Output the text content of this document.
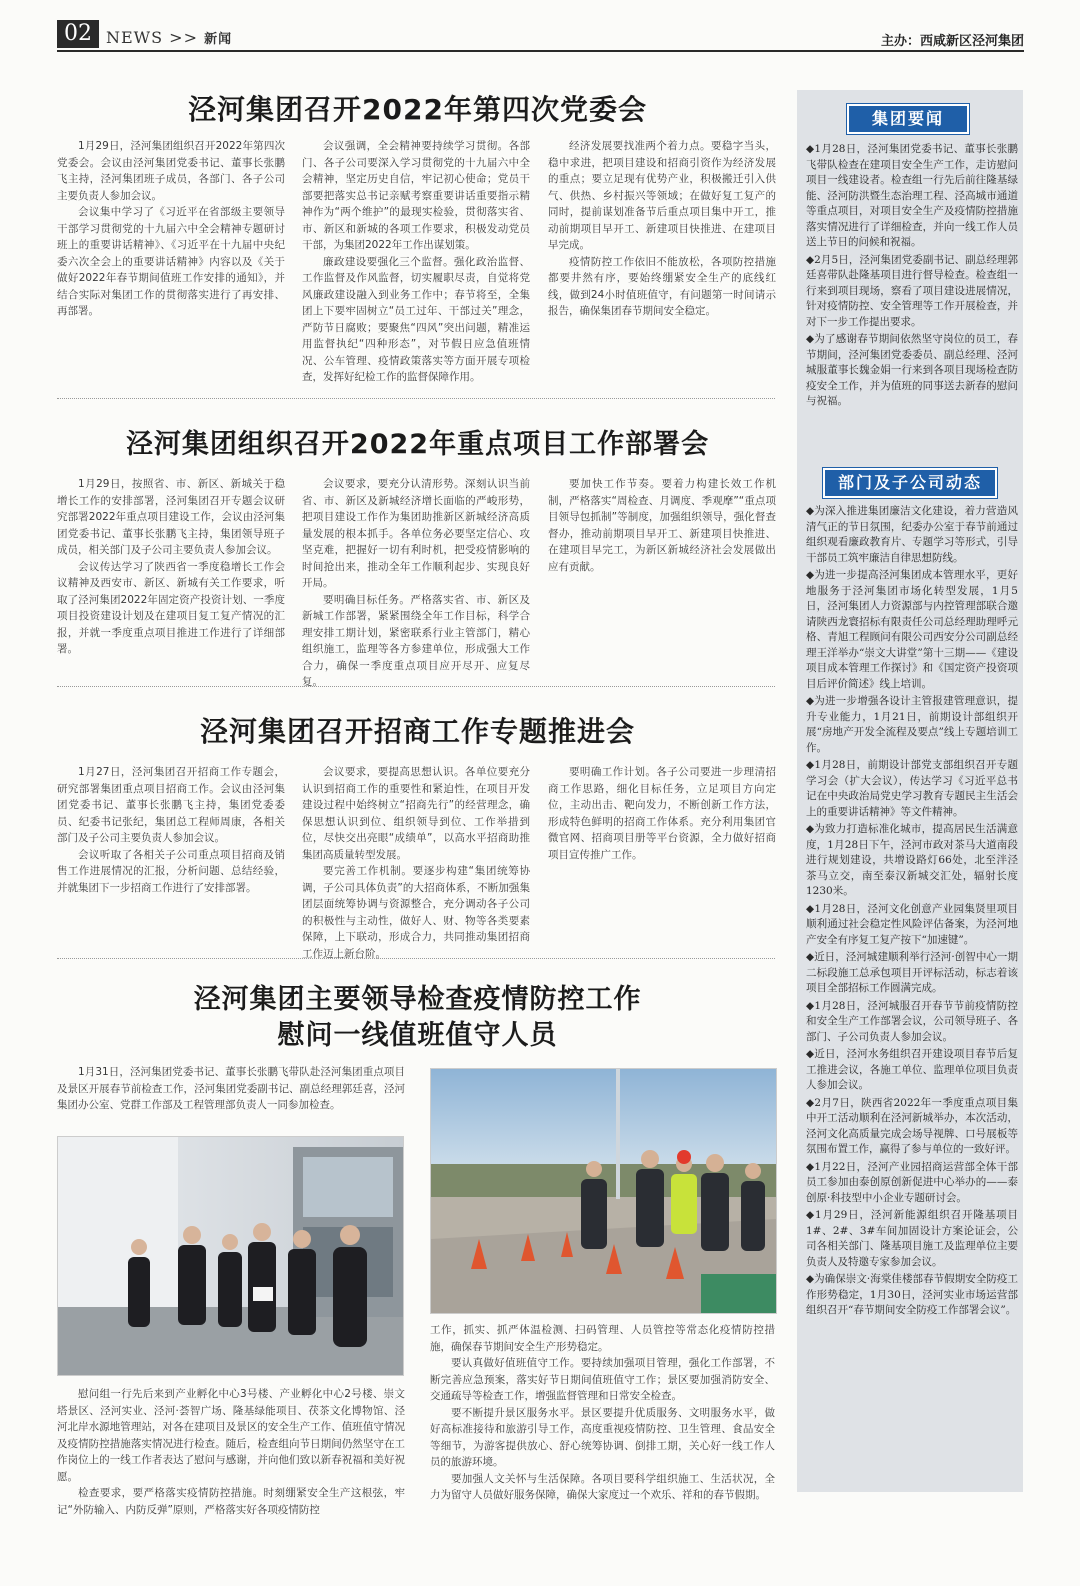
02 NEWS >> 新闻	主办：西咸新区泾河集团
泾河集团召开2022年第四次党委会

1月29日，泾河集团组织召开2022年第四次党委会。会议由泾河集团党委书记、董事长张鹏飞主持，泾河集团班子成员，各部门、各子公司主要负责人参加会议。

会议集中学习了《习近平在省部级主要领导干部学习贯彻党的十九届六中全会精神专题研讨班上的重要讲话精神》、《习近平在十九届中央纪委六次全会上的重要讲话精神》内容以及《关于做好2022年春节期间值班工作安排的通知》，并结合实际对集团工作的贯彻落实进行了再安排、再部署。

会议强调，全会精神要持续学习贯彻。各部门、各子公司要深入学习贯彻党的十九届六中全会精神，坚定历史自信，牢记初心使命；党员干部要把落实总书记亲赋考察重要讲话重要指示精神作为“两个维护”的最现实检验，贯彻落实省、市、新区和新城的各项工作要求，积极发动党员干部，为集团2022年工作出谋划策。

廉政建设要强化三个监督。强化政治监督、工作监督及作风监督，切实履职尽责，自觉将党风廉政建设融入到业务工作中；春节将至，全集团上下要牢固树立“员工过年、干部过关”理念，严防节日腐败；要聚焦“四风”突出问题，精准运用监督执纪“四种形态”，对节假日应急值班情况、公车管理、疫情政策落实等方面开展专项检查，发挥好纪检工作的监督保障作用。

经济发展要找准两个着力点。要稳字当头，稳中求进，把项目建设和招商引资作为经济发展的重点；要立足现有优势产业，积极搬迁引入供气、供热、乡村振兴等领域；在做好复工复产的同时，提前谋划准备节后重点项目集中开工，推动前期项目早开工、新建项目快推进、在建项目早完成。

疫情防控工作依旧不能放松，各项防控措施都要井然有序，要始终绷紧安全生产的底线红线，做到24小时值班值守，有问题第一时间请示报告，确保集团春节期间安全稳定。

泾河集团组织召开2022年重点项目工作部署会

1月29日，按照省、市、新区、新城关于稳增长工作的安排部署，泾河集团召开专题会议研究部署2022年重点项目建设工作，会议由泾河集团党委书记、董事长张鹏飞主持，集团领导班子成员，相关部门及子公司主要负责人参加会议。

会议传达学习了陕西省一季度稳增长工作会议精神及西安市、新区、新城有关工作要求，听取了泾河集团2022年固定资产投资计划、一季度项目投资建设计划及在建项目复工复产情况的汇报，并就一季度重点项目推进工作进行了详细部署。

会议要求，要充分认清形势。深刻认识当前省、市、新区及新城经济增长面临的严峻形势，把项目建设工作作为集团助推新区新城经济高质量发展的根本抓手。各单位务必要坚定信心、攻坚克难，把握好一切有利时机，把受疫情影响的时间抢出来，推动全年工作顺利起步、实现良好开局。

要明确目标任务。严格落实省、市、新区及新城工作部署，紧紧围绕全年工作目标，科学合理安排工期计划，紧密联系行业主管部门，精心组织施工，监理等各方参建单位，形成强大工作合力，确保一季度重点项目应开尽开、应复尽复。

要加快工作节奏。要着力构建长效工作机制，严格落实“周检查、月调度、季观摩”“重点项目领导包抓制”等制度，加强组织领导，强化督查督办，推动前期项目早开工、新建项目快推进、在建项目早完工，为新区新城经济社会发展做出应有贡献。

泾河集团召开招商工作专题推进会

1月27日，泾河集团召开招商工作专题会，研究部署集团重点项目招商工作。会议由泾河集团党委书记、董事长张鹏飞主持，集团党委委员、纪委书记张纪，集团总工程师周康，各相关部门及子公司主要负责人参加会议。

会议听取了各相关子公司重点项目招商及销售工作进展情况的汇报，分析问题、总结经验，并就集团下一步招商工作进行了安排部署。

会议要求，要提高思想认识。各单位要充分认识到招商工作的重要性和紧迫性，在项目开发建设过程中始终树立“招商先行”的经营理念，确保思想认识到位、组织领导到位、工作举措到位，尽快交出亮眼“成绩单”，以高水平招商助推集团高质量转型发展。

要完善工作机制。要逐步构建“集团统筹协调，子公司具体负责”的大招商体系，不断加强集团层面统筹协调与资源整合，充分调动各子公司的积极性与主动性，做好人、财、物等各类要素保障，上下联动，形成合力，共同推动集团招商工作迈上新台阶。

要明确工作计划。各子公司要进一步理清招商工作思路，细化目标任务，立足项目方向定位，主动出击、靶向发力，不断创新工作方法，形成特色鲜明的招商工作体系。充分利用集团官微官网、招商项目册等平台资源，全力做好招商项目宣传推广工作。

泾河集团主要领导检查疫情防控工作
慰问一线值班值守人员

1月31日，泾河集团党委书记、董事长张鹏飞带队赴泾河集团重点项目及景区开展春节前检查工作，泾河集团党委副书记、副总经理郭廷喜，泾河集团办公室、党群工作部及工程管理部负责人一同参加检查。

慰问组一行先后来到产业孵化中心3号楼、产业孵化中心2号楼、崇文塔景区、泾河实业、泾河·荟智广场、隆基绿能项目、茯茶文化博物馆、泾河北岸水源地管理站，对各在建项目及景区的安全生产工作、值班值守情况及疫情防控措施落实情况进行检查。随后，检查组向节日期间仍然坚守在工作岗位上的一线工作者表达了慰问与感谢，并向他们致以新春祝福和美好祝愿。

检查要求，要严格落实疫情防控措施。时刻绷紧安全生产这根弦，牢记“外防输入、内防反弹”原则，严格落实好各项疫情防控

工作，抓实、抓严体温检测、扫码管理、人员管控等常态化疫情防控措施，确保春节期间安全生产形势稳定。

要认真做好值班值守工作。要持续加强项目管理，强化工作部署，不断完善应急预案，落实好节日期间值班值守工作；景区要加强消防安全、交通疏导等检查工作，增强监督管理和日常安全检查。

要不断提升景区服务水平。景区要提升优质服务、文明服务水平，做好高标准接待和旅游引导工作，高度重视疫情防控、卫生管理、食品安全等细节，为游客提供放心、舒心统筹协调、倒排工期，关心好一线工作人员的旅游环境。

要加强人文关怀与生活保障。各项目要科学组织施工、生活状况，全力为留守人员做好服务保障，确保大家度过一个欢乐、祥和的春节假期。

集团要闻

◆1月28日，泾河集团党委书记、董事长张鹏飞带队检查在建项目安全生产工作，走访慰问项目一线建设者。检查组一行先后前往隆基绿能、泾河防洪暨生态治理工程、泾高城市通道等重点项目，对项目安全生产及疫情防控措施落实情况进行了详细检查，并向一线工作人员送上节日的问候和祝福。

◆2月5日，泾河集团党委副书记、副总经理郭廷喜带队赴隆基项目进行督导检查。检查组一行来到项目现场，察看了项目建设进展情况，针对疫情防控、安全管理等工作开展检查，并对下一步工作提出要求。

◆为了感谢春节期间依然坚守岗位的员工，春节期间，泾河集团党委委员、副总经理、泾河城服董事长魏金娟一行来到各项目现场检查防疫安全工作，并为值班的同事送去新春的慰问与祝福。

部门及子公司动态

◆为深入推进集团廉洁文化建设，着力营造风清气正的节日氛围，纪委办公室于春节前通过组织观看廉政教育片、专题学习等形式，引导干部员工筑牢廉洁自律思想防线。

◆为进一步提高泾河集团成本管理水平，更好地服务于泾河集团市场化转型发展，1月5日，泾河集团人力资源部与内控管理部联合邀请陕西龙寰招标有限责任公司总经理助理呼元格、青旭工程顾问有限公司西安分公司副总经理王洋举办“崇文大讲堂”第十三期——《建设项目成本管理工作探讨》和《国定资产投资项目后评价简述》线上培训。

◆为进一步增强各设计主管报建管理意识，提升专业能力，1月21日，前期设计部组织开展“房地产开发全流程及要点”线上专题培训工作。

◆1月28日，前期设计部党支部组织召开专题学习会（扩大会议），传达学习《习近平总书记在中央政治局党史学习教育专题民主生活会上的重要讲话精神》等文件精神。

◆为致力打造标准化城市，提高居民生活满意度，1月28日下午，泾河市政对茶马大道南段进行规划建设，共增设路灯66处，北至泮泾茶马立交，南至泰汉新城交汇处，辐射长度1230米。

◆1月28日，泾河文化创意产业园集贤里项目顺利通过社会稳定性风险评估备案，为泾河地产安全有序复工复产按下“加速键”。

◆近日，泾河城建顺利举行泾河·创智中心一期二标段施工总承包项目开评标活动，标志着该项目全部招标工作圆满完成。

◆1月28日，泾河城服召开春节节前疫情防控和安全生产工作部署会议，公司领导班子、各部门、子公司负责人参加会议。

◆近日，泾河水务组织召开建设项目春节后复工推进会议，各施工单位、监理单位项目负责人参加会议。

◆2月7日，陕西省2022年一季度重点项目集中开工活动顺利在泾河新城举办，本次活动，泾河文化高质量完成会场导视牌、口号展板等氛围布置工作，赢得了参与单位的一致好评。

◆1月22日，泾河产业园招商运营部全体干部员工参加由泰创原创新促进中心举办的——泰创原·科技型中小企业专题研讨会。

◆1月29日，泾河新能源组织召开隆基项目1#、2#、3#车间加固设计方案论证会，公司各相关部门、隆基项目施工及监理单位主要负责人及特邀专家参加会议。

◆为确保崇文·海棠佳楼部春节假期安全防疫工作形势稳定，1月30日，泾河实业市场运营部组织召开“春节期间安全防疫工作部署会议”。
